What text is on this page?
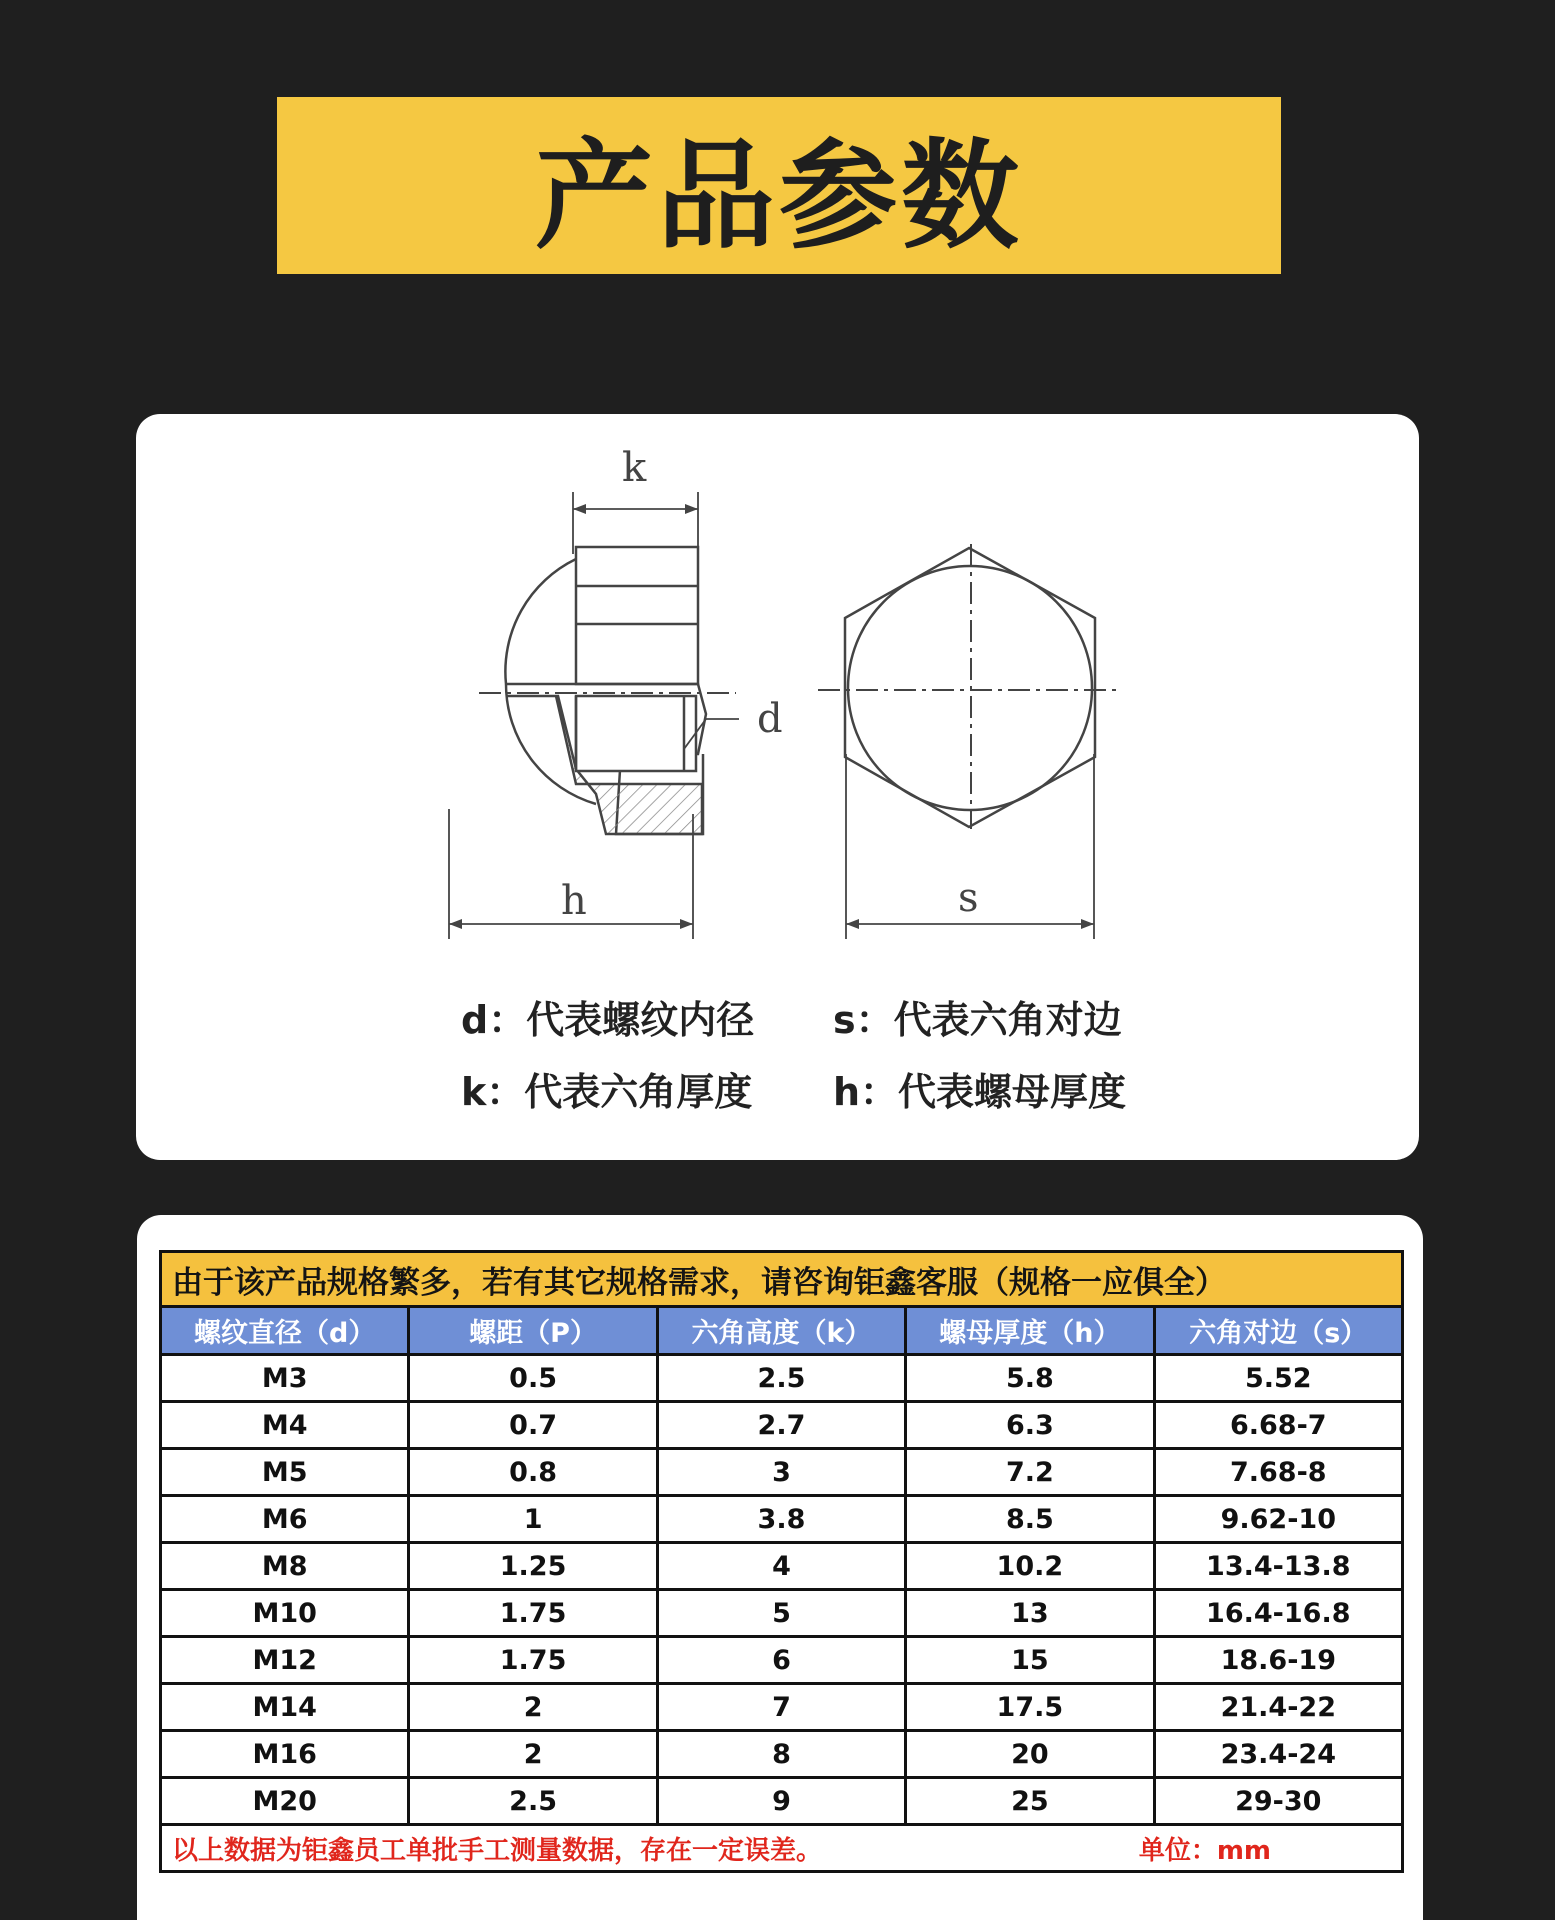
产品参数
k
d
h	s
d：代表螺纹内径 s：代表六角对边
k：代表六角厚度 h：代表螺母厚度
由于该产品规格繁多，若有其它规格需求，请咨询钜鑫客服（规格一应俱全）				
螺纹直径（d）	螺距（P）	六角高度（k）	螺母厚度（h）	六角对边（s）
M3	0.5	2.5	5.8	5.52
M4	0.7	2.7	6.3	6.68-7
M5	0.8	3	7.2	7.68-8
M6	1	3.8	8.5	9.62-10
M8	1.25	4	10.2	13.4-13.8
M10	1.75	5	13	16.4-16.8
M12	1.75	6	15	18.6-19
M14	2	7	17.5	21.4-22
M16	2	8	20	23.4-24
M20	2.5	9	25	29-30

以上数据为钜鑫员工单批手工测量数据，存在一定误差。 单位：mm				
